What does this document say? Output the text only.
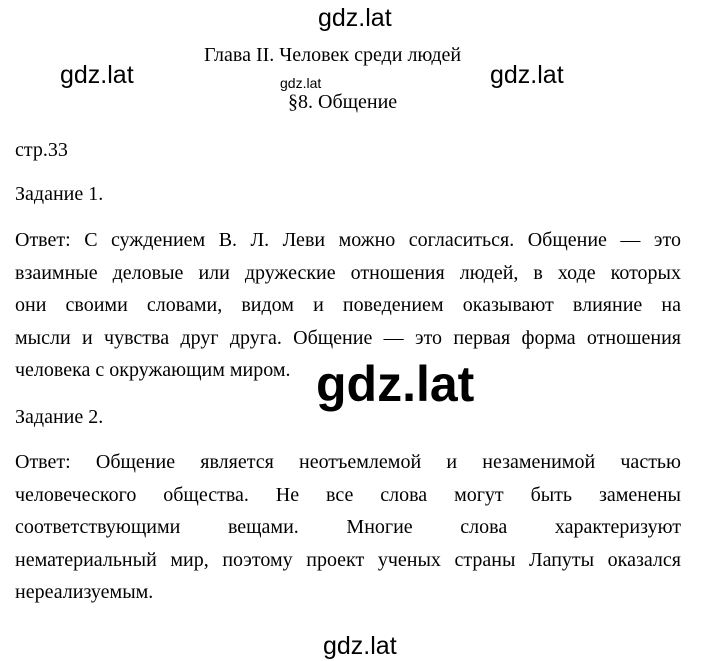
gdz.lat
gdz.lat	gdz.lat
Глава II. Человек среди людей
gdz.lat
§8. Общение
стр.33
Задание 1.
Ответ: С суждением В. Л. Леви можно согласиться. Общение — это
взаимные деловые или дружеские отношения людей, в ходе которых
они своими словами, видом и поведением оказывают влияние на
мысли и чувства друг друга. Общение — это первая форма отношения
человека с окружающим миром.
Задание 2.
Ответ: Общение является неотъемлемой и незаменимой частью
человеческого общества. Не все слова могут быть заменены
соответствующими вещами. Многие слова характеризуют
нематериальный мир, поэтому проект ученых страны Лапуты оказался
нереализуемым.
gdz.lat
gdz.lat
